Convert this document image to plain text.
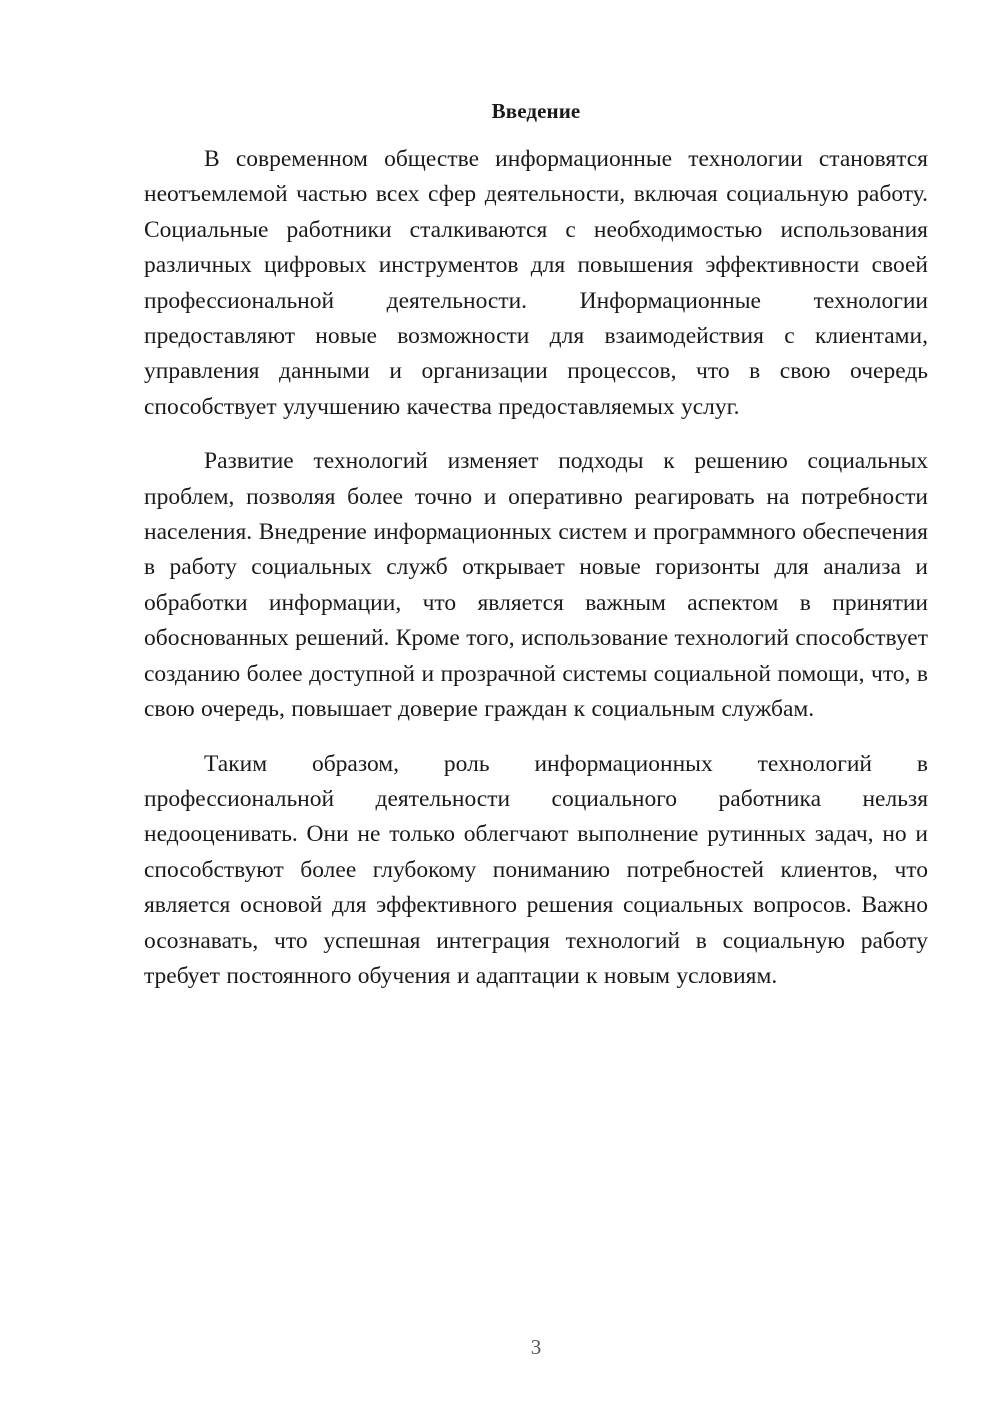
Введение

В современном обществе информационные технологии становятся неотъемлемой частью всех сфер деятельности, включая социальную работу. Социальные работники сталкиваются с необходимостью использования различных цифровых инструментов для повышения эффективности своей профессиональной деятельности. Информационные технологии предоставляют новые возможности для взаимодействия с клиентами, управления данными и организации процессов, что в свою очередь способствует улучшению качества предоставляемых услуг.

Развитие технологий изменяет подходы к решению социальных проблем, позволяя более точно и оперативно реагировать на потребности населения. Внедрение информационных систем и программного обеспечения в работу социальных служб открывает новые горизонты для анализа и обработки информации, что является важным аспектом в принятии обоснованных решений. Кроме того, использование технологий способствует созданию более доступной и прозрачной системы социальной помощи, что, в свою очередь, повышает доверие граждан к социальным службам.

Таким образом, роль информационных технологий в профессиональной деятельности социального работника нельзя недооценивать. Они не только облегчают выполнение рутинных задач, но и способствуют более глубокому пониманию потребностей клиентов, что является основой для эффективного решения социальных вопросов. Важно осознавать, что успешная интеграция технологий в социальную работу требует постоянного обучения и адаптации к новым условиям.

3
